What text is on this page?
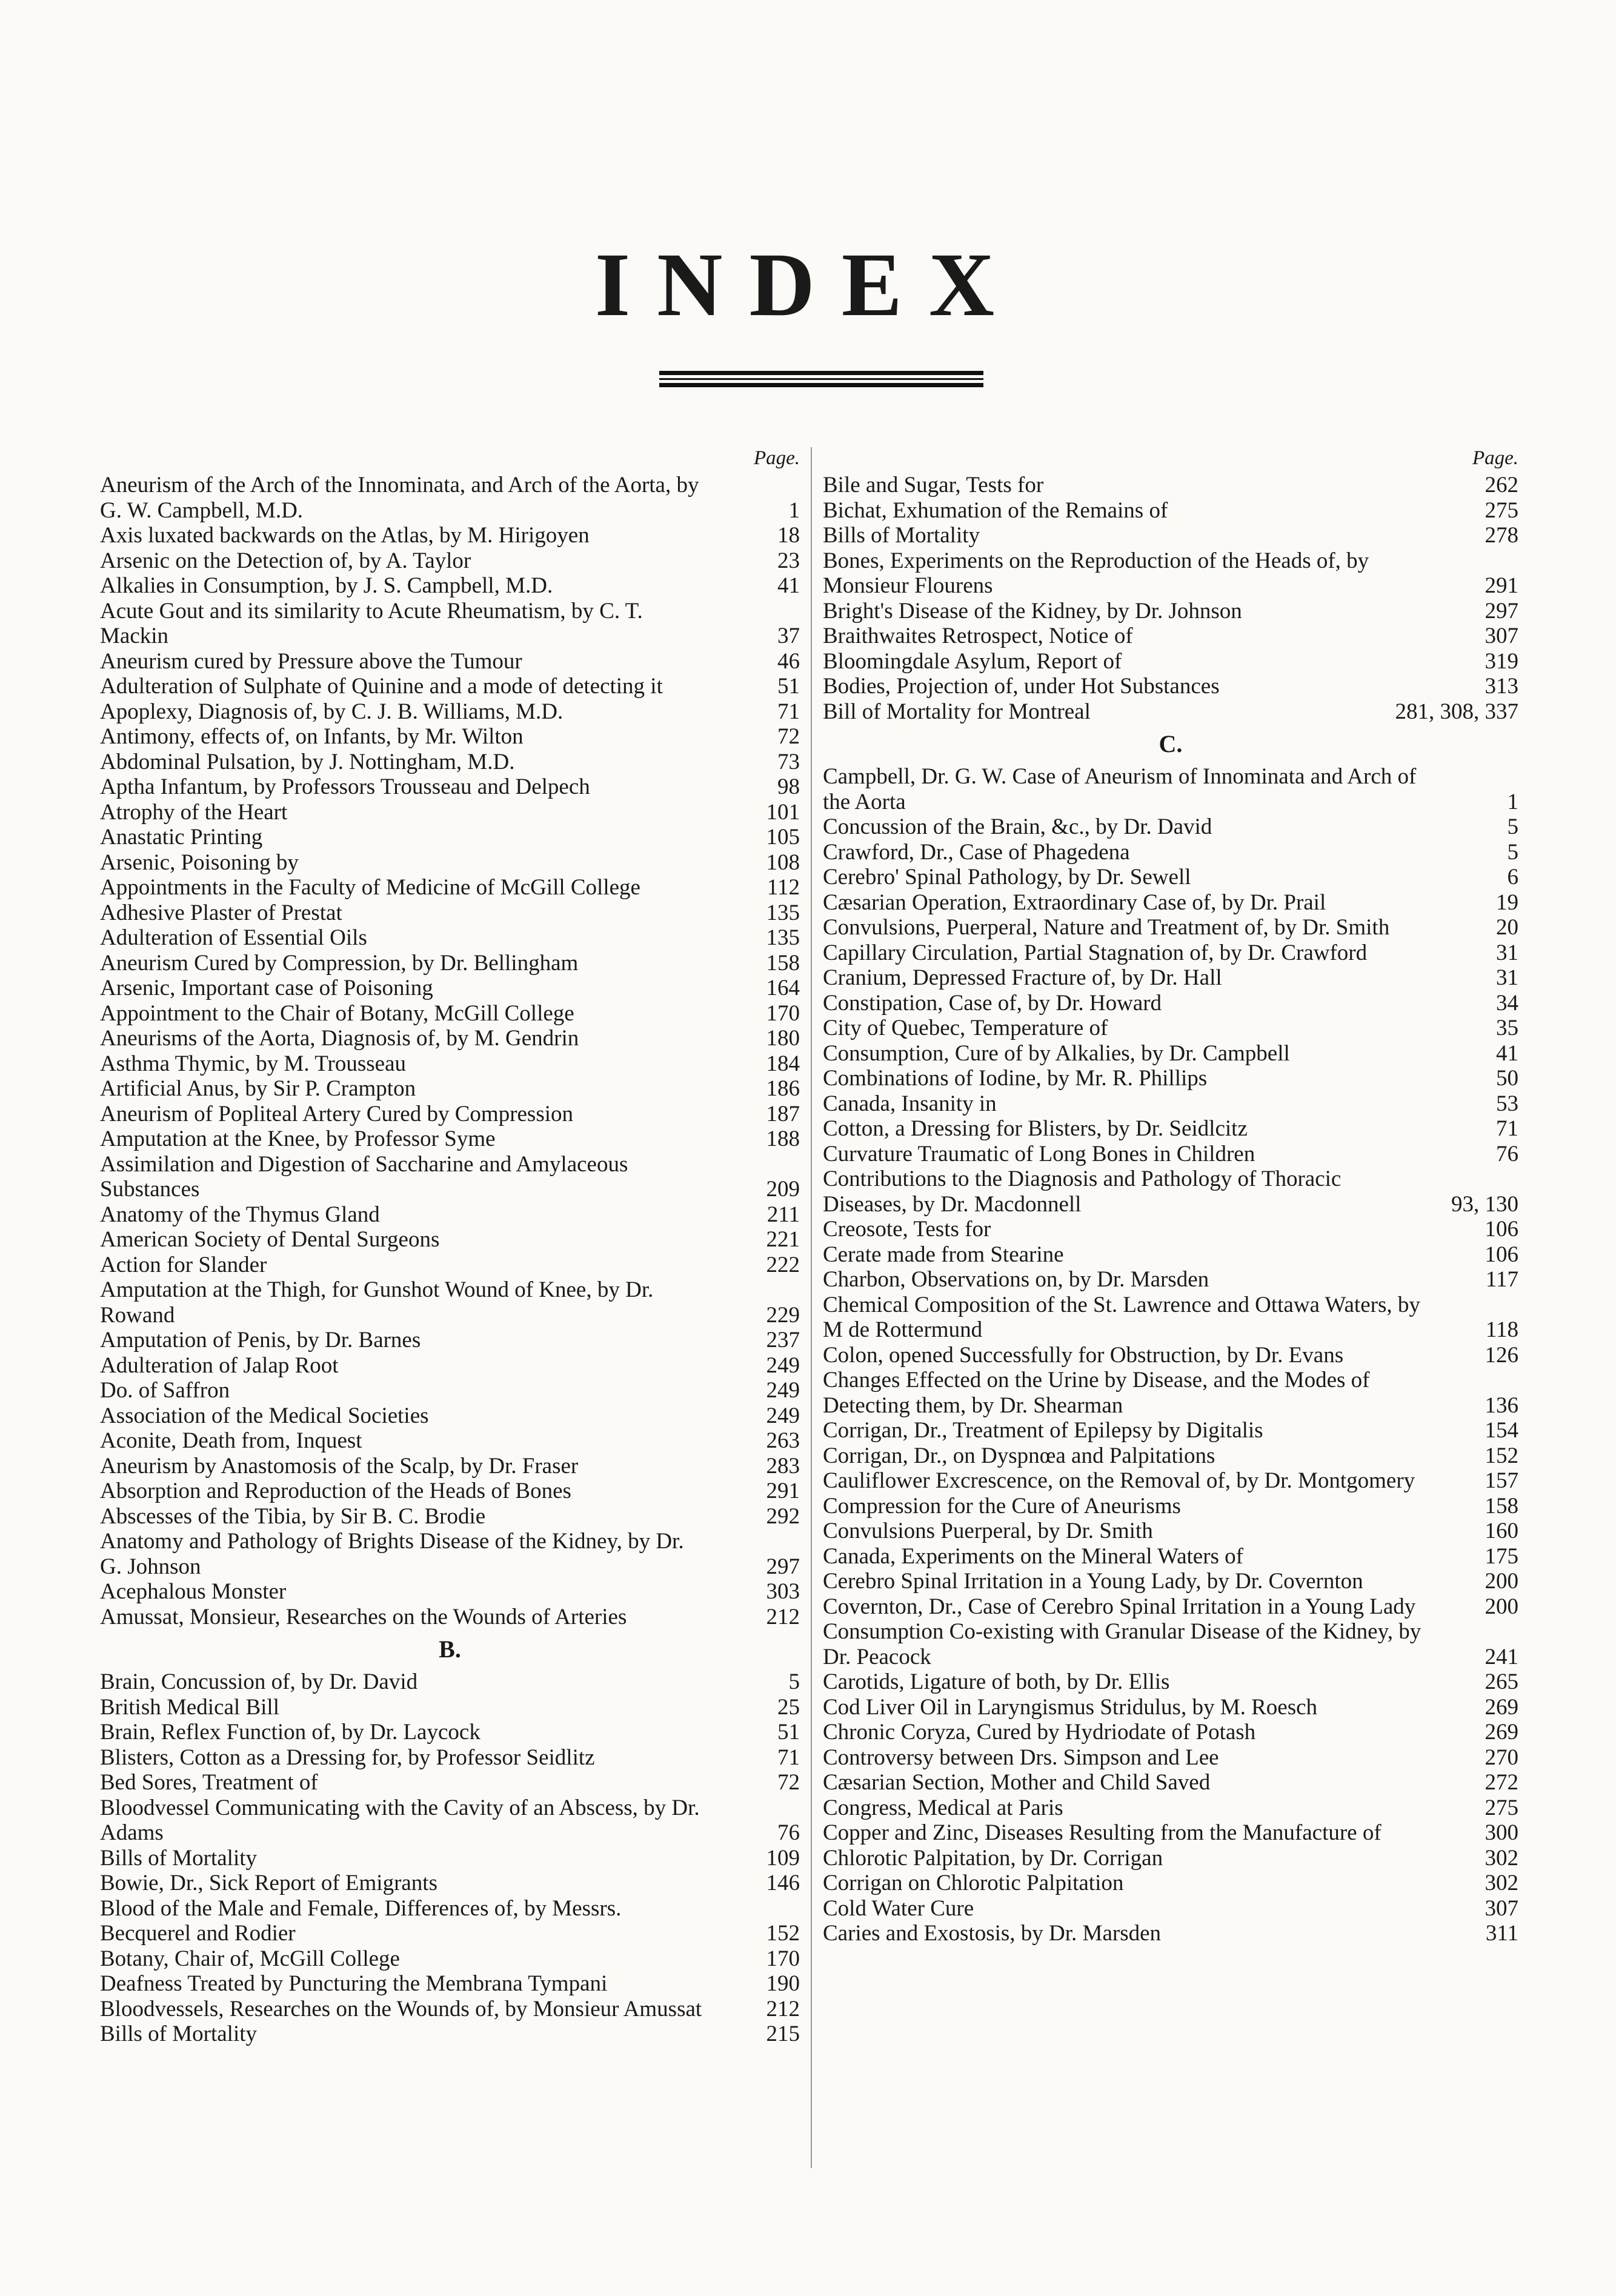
INDEX
Page.
Aneurism of the Arch of the Innominata, and Arch of the Aorta, by G. W. Campbell, M.D.	1
Axis luxated backwards on the Atlas, by M. Hirigoyen	18
Arsenic on the Detection of, by A. Taylor	23
Alkalies in Consumption, by J. S. Campbell, M.D.	41
Acute Gout and its similarity to Acute Rheumatism, by C. T. Mackin	37
Aneurism cured by Pressure above the Tumour	46
Adulteration of Sulphate of Quinine and a mode of detecting it	51
Apoplexy, Diagnosis of, by C. J. B. Williams, M.D.	71
Antimony, effects of, on Infants, by Mr. Wilton	72
Abdominal Pulsation, by J. Nottingham, M.D.	73
Aptha Infantum, by Professors Trousseau and Delpech	98
Atrophy of the Heart	101
Anastatic Printing	105
Arsenic, Poisoning by	108
Appointments in the Faculty of Medicine of McGill College	112
Adhesive Plaster of Prestat	135
Adulteration of Essential Oils	135
Aneurism Cured by Compression, by Dr. Bellingham	158
Arsenic, Important case of Poisoning	164
Appointment to the Chair of Botany, McGill College	170
Aneurisms of the Aorta, Diagnosis of, by M. Gendrin	180
Asthma Thymic, by M. Trousseau	184
Artificial Anus, by Sir P. Crampton	186
Aneurism of Popliteal Artery Cured by Compression	187
Amputation at the Knee, by Professor Syme	188
Assimilation and Digestion of Saccharine and Amylaceous Substances	209
Anatomy of the Thymus Gland	211
American Society of Dental Surgeons	221
Action for Slander	222
Amputation at the Thigh, for Gunshot Wound of Knee, by Dr. Rowand	229
Amputation of Penis, by Dr. Barnes	237
Adulteration of Jalap Root	249
Do. of Saffron	249
Association of the Medical Societies	249
Aconite, Death from, Inquest	263
Aneurism by Anastomosis of the Scalp, by Dr. Fraser	283
Absorption and Reproduction of the Heads of Bones	291
Abscesses of the Tibia, by Sir B. C. Brodie	292
Anatomy and Pathology of Brights Disease of the Kidney, by Dr. G. Johnson	297
Acephalous Monster	303
Amussat, Monsieur, Researches on the Wounds of Arteries	212
B.
Brain, Concussion of, by Dr. David	5
British Medical Bill	25
Brain, Reflex Function of, by Dr. Laycock	51
Blisters, Cotton as a Dressing for, by Professor Seidlitz	71
Bed Sores, Treatment of	72
Bloodvessel Communicating with the Cavity of an Abscess, by Dr. Adams	76
Bills of Mortality	109
Bowie, Dr., Sick Report of Emigrants	146
Blood of the Male and Female, Differences of, by Messrs. Becquerel and Rodier	152
Botany, Chair of, McGill College	170
Deafness Treated by Puncturing the Membrana Tympani	190
Bloodvessels, Researches on the Wounds of, by Monsieur Amussat	212
Bills of Mortality	215
Page.
Bile and Sugar, Tests for	262
Bichat, Exhumation of the Remains of	275
Bills of Mortality	278
Bones, Experiments on the Reproduction of the Heads of, by Monsieur Flourens	291
Bright's Disease of the Kidney, by Dr. Johnson	297
Braithwaites Retrospect, Notice of	307
Bloomingdale Asylum, Report of	319
Bodies, Projection of, under Hot Substances	313
Bill of Mortality for Montreal	281, 308, 337
C.
Campbell, Dr. G. W. Case of Aneurism of Innominata and Arch of the Aorta	1
Concussion of the Brain, &c., by Dr. David	5
Crawford, Dr., Case of Phagedena	5
Cerebro' Spinal Pathology, by Dr. Sewell	6
Cæsarian Operation, Extraordinary Case of, by Dr. Prail	19
Convulsions, Puerperal, Nature and Treatment of, by Dr. Smith	20
Capillary Circulation, Partial Stagnation of, by Dr. Crawford	31
Cranium, Depressed Fracture of, by Dr. Hall	31
Constipation, Case of, by Dr. Howard	34
City of Quebec, Temperature of	35
Consumption, Cure of by Alkalies, by Dr. Campbell	41
Combinations of Iodine, by Mr. R. Phillips	50
Canada, Insanity in	53
Cotton, a Dressing for Blisters, by Dr. Seidlcitz	71
Curvature Traumatic of Long Bones in Children	76
Contributions to the Diagnosis and Pathology of Thoracic Diseases, by Dr. Macdonnell	93, 130
Creosote, Tests for	106
Cerate made from Stearine	106
Charbon, Observations on, by Dr. Marsden	117
Chemical Composition of the St. Lawrence and Ottawa Waters, by M de Rottermund	118
Colon, opened Successfully for Obstruction, by Dr. Evans	126
Changes Effected on the Urine by Disease, and the Modes of Detecting them, by Dr. Shearman	136
Corrigan, Dr., Treatment of Epilepsy by Digitalis	154
Corrigan, Dr., on Dyspnœa and Palpitations	152
Cauliflower Excrescence, on the Removal of, by Dr. Montgomery	157
Compression for the Cure of Aneurisms	158
Convulsions Puerperal, by Dr. Smith	160
Canada, Experiments on the Mineral Waters of	175
Cerebro Spinal Irritation in a Young Lady, by Dr. Covernton	200
Covernton, Dr., Case of Cerebro Spinal Irritation in a Young Lady	200
Consumption Co-existing with Granular Disease of the Kidney, by Dr. Peacock	241
Carotids, Ligature of both, by Dr. Ellis	265
Cod Liver Oil in Laryngismus Stridulus, by M. Roesch	269
Chronic Coryza, Cured by Hydriodate of Potash	269
Controversy between Drs. Simpson and Lee	270
Cæsarian Section, Mother and Child Saved	272
Congress, Medical at Paris	275
Copper and Zinc, Diseases Resulting from the Manufacture of	300
Chlorotic Palpitation, by Dr. Corrigan	302
Corrigan on Chlorotic Palpitation	302
Cold Water Cure	307
Caries and Exostosis, by Dr. Marsden	311
